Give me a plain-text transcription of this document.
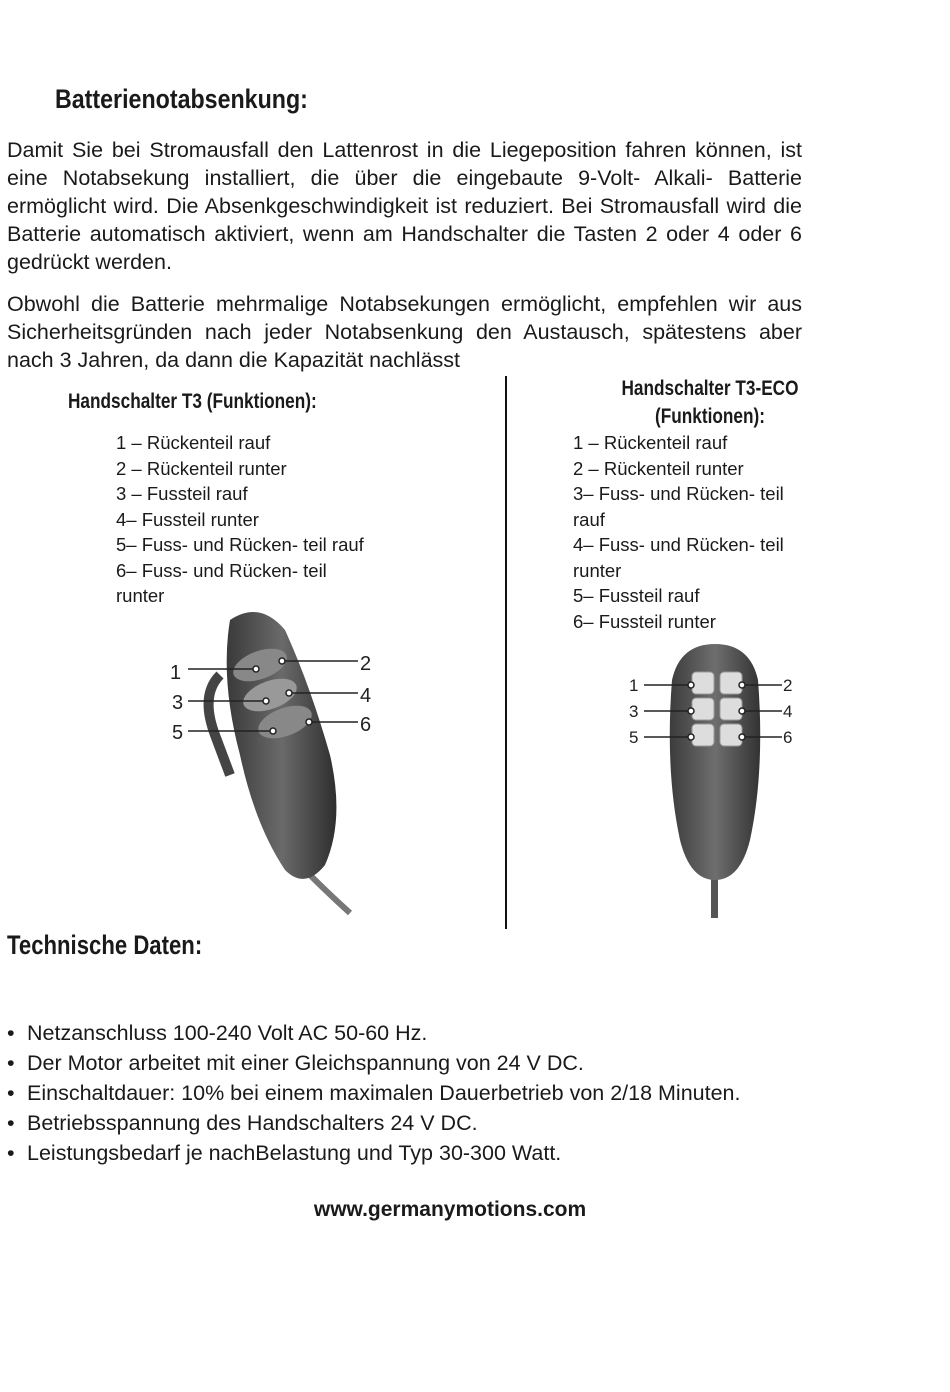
Batterienotabsenkung:
Damit Sie bei Stromausfall den Lattenrost in die Liegeposition fahren können, ist eine Notabsekung installiert, die über die eingebaute 9-Volt- Alkali- Batterie ermöglicht wird. Die Absenkgeschwindigkeit ist reduziert. Bei Stromausfall wird die Batterie automatisch aktiviert, wenn am Handschalter die Tasten 2 oder 4 oder 6 gedrückt werden.
Obwohl die Batterie mehrmalige Notabsekungen ermöglicht, empfehlen wir aus Sicherheitsgründen nach jeder Notabsenkung den Austausch, spätestens aber nach 3 Jahren, da dann die Kapazität nachlässt
Handschalter T3 (Funktionen):
Handschalter T3-ECO
(Funktionen):
1 – Rückenteil rauf
2 – Rückenteil runter
3 – Fussteil rauf
4– Fussteil runter
5– Fuss- und Rücken- teil rauf
6– Fuss- und Rücken- teil runter
1 – Rückenteil rauf
2 – Rückenteil runter
3– Fuss- und Rücken- teil rauf
4– Fuss- und Rücken- teil runter
5– Fussteil rauf
6– Fussteil runter
1	2
3	4
5	6
1	2
3	4
5	6
Technische Daten:
• Netzanschluss 100-240 Volt AC 50-60 Hz.
• Der Motor arbeitet mit einer Gleichspannung von 24 V DC.
• Einschaltdauer: 10% bei einem maximalen Dauerbetrieb von 2/18 Minuten.
• Betriebsspannung des Handschalters 24 V DC.
• Leistungsbedarf je nachBelastung und Typ 30-300 Watt.
www.germanymotions.com
